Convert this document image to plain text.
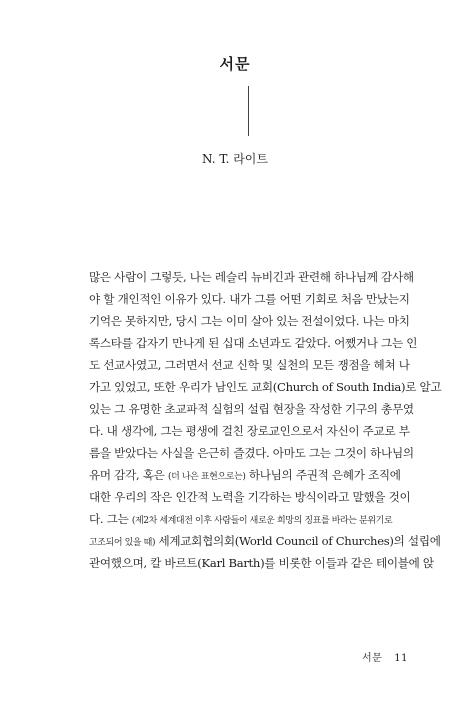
서문
N. T. 라이트
많은 사람이 그렇듯, 나는 레슬리 뉴비긴과 관련해 하나님께 감사해
야 할 개인적인 이유가 있다. 내가 그를 어떤 기회로 처음 만났는지
기억은 못하지만, 당시 그는 이미 살아 있는 전설이었다. 나는 마치
록스타를 갑자기 만나게 된 십대 소년과도 같았다. 어쨌거나 그는 인
도 선교사였고, 그러면서 선교 신학 및 실천의 모든 쟁점을 헤쳐 나
가고 있었고, 또한 우리가 남인도 교회(Church of South India)로 알고
있는 그 유명한 초교파적 실험의 설립 현장을 작성한 기구의 총무였
다. 내 생각에, 그는 평생에 걸친 장로교인으로서 자신이 주교로 부
름을 받았다는 사실을 은근히 즐겼다. 아마도 그는 그것이 하나님의
유머 감각, 혹은 (더 나은 표현으로는) 하나님의 주권적 은혜가 조직에
대한 우리의 작은 인간적 노력을 기각하는 방식이라고 말했을 것이
다. 그는 (제2차 세계대전 이후 사람들이 새로운 희망의 징표를 바라는 분위기로
고조되어 있을 때) 세계교회협의회(World Council of Churches)의 설립에
관여했으며, 칼 바르트(Karl Barth)를 비롯한 이들과 같은 테이블에 앉
서문 11
